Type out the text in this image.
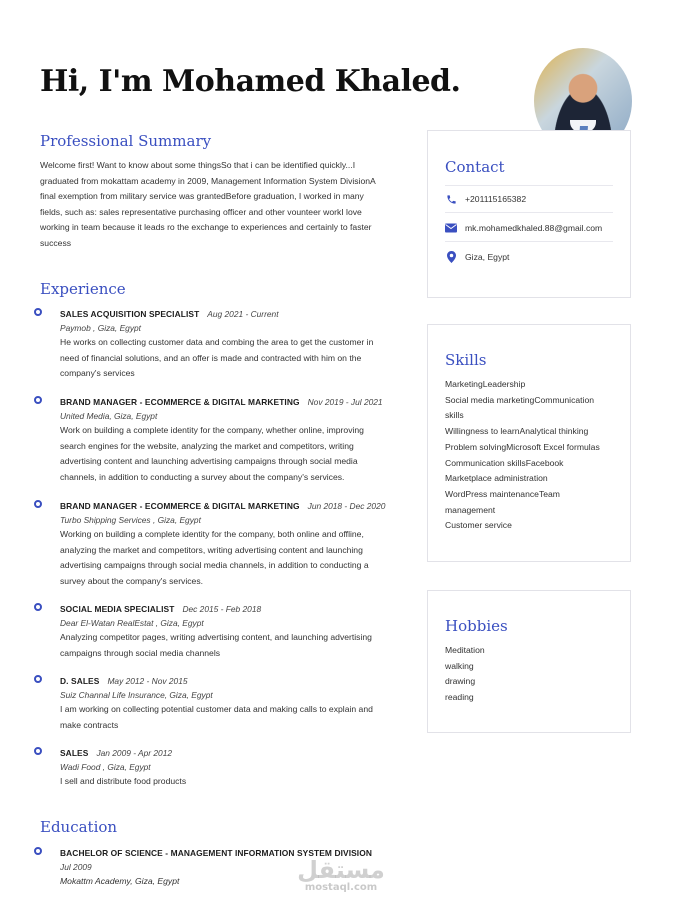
Hi, I'm Mohamed Khaled.
Professional Summary
Welcome first! Want to know about some thingsSo that i can be identified quickly...I
graduated from mokattam academy in 2009, Management Information System DivisionA
final exemption from military service was grantedBefore graduation, I worked in many
fields, such as: sales representative purchasing officer and other vounteer workI love
working in team because it leads ro the exchange to experiences and certainly to faster
success
Experience
SALES ACQUISITION SPECIALIST Aug 2021 - Current
Paymob , Giza, Egypt
He works on collecting customer data and combing the area to get the customer in
need of financial solutions, and an offer is made and contracted with him on the
company's services
BRAND MANAGER - ECOMMERCE & DIGITAL MARKETING Nov 2019 - Jul 2021
United Media, Giza, Egypt
Work on building a complete identity for the company, whether online, improving
search engines for the website, analyzing the market and competitors, writing
advertising content and launching advertising campaigns through social media
channels, in addition to conducting a survey about the company's services.
BRAND MANAGER - ECOMMERCE & DIGITAL MARKETING Jun 2018 - Dec 2020
Turbo Shipping Services , Giza, Egypt
Working on building a complete identity for the company, both online and offline,
analyzing the market and competitors, writing advertising content and launching
advertising campaigns through social media channels, in addition to conducting a
survey about the company's services.
SOCIAL MEDIA SPECIALIST Dec 2015 - Feb 2018
Dear El-Watan RealEstat , Giza, Egypt
Analyzing competitor pages, writing advertising content, and launching advertising
campaigns through social media channels
D. SALES May 2012 - Nov 2015
Suiz Channal Life Insurance, Giza, Egypt
I am working on collecting potential customer data and making calls to explain and
make contracts
SALES Jan 2009 - Apr 2012
Wadi Food , Giza, Egypt
I sell and distribute food products
Education
BACHELOR OF SCIENCE - MANAGEMENT INFORMATION SYSTEM DIVISION
Jul 2009
Mokattm Academy, Giza, Egypt
Contact
+201115165382
mk.mohamedkhaled.88@gmail.com
Giza, Egypt
Skills
MarketingLeadership
Social media marketingCommunication
skills
Willingness to learnAnalytical thinking
Problem solvingMicrosoft Excel formulas
Communication skillsFacebook
Marketplace administration
WordPress maintenanceTeam
management
Customer service
Hobbies
Meditation
walking
drawing
reading
مستقل
mostaql.com
